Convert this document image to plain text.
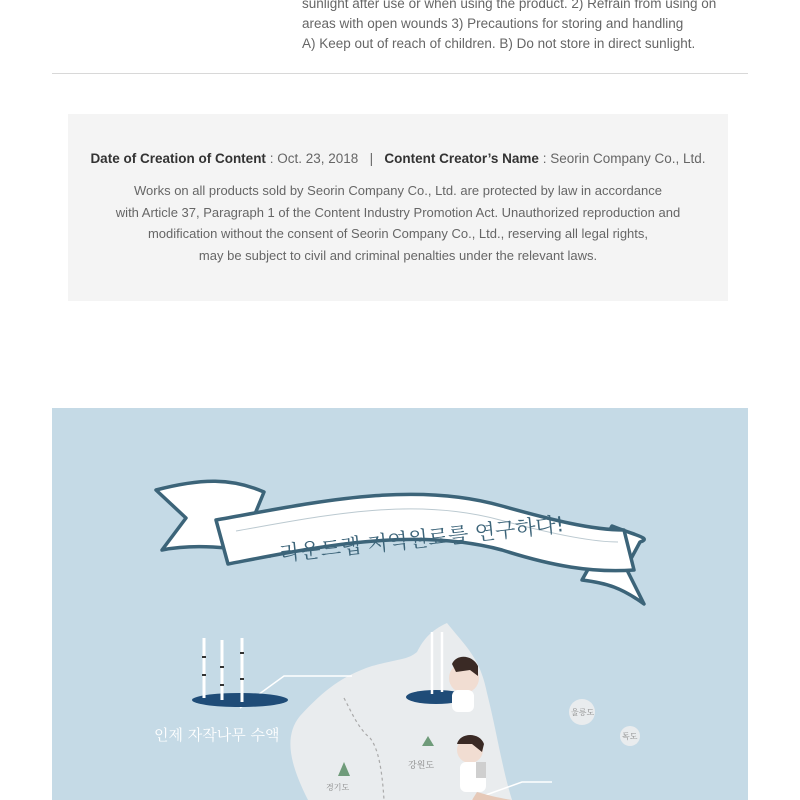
sunlight after use or when using the product. 2) Refrain from using on
areas with open wounds 3) Precautions for storing and handling
A) Keep out of reach of children. B) Do not store in direct sunlight.
Date of Creation of Content : Oct. 23, 2018 | Content Creator’s Name : Seorin Company Co., Ltd.
Works on all products sold by Seorin Company Co., Ltd. are protected by law in accordance
with Article 37, Paragraph 1 of the Content Industry Promotion Act. Unauthorized reproduction and
modification without the consent of Seorin Company Co., Ltd., reserving all legal rights,
may be subject to civil and criminal penalties under the relevant laws.
라운드랩 지역원료를 연구하다!
인제 자작나무 수액
강원도
경기도
울릉도
독도
